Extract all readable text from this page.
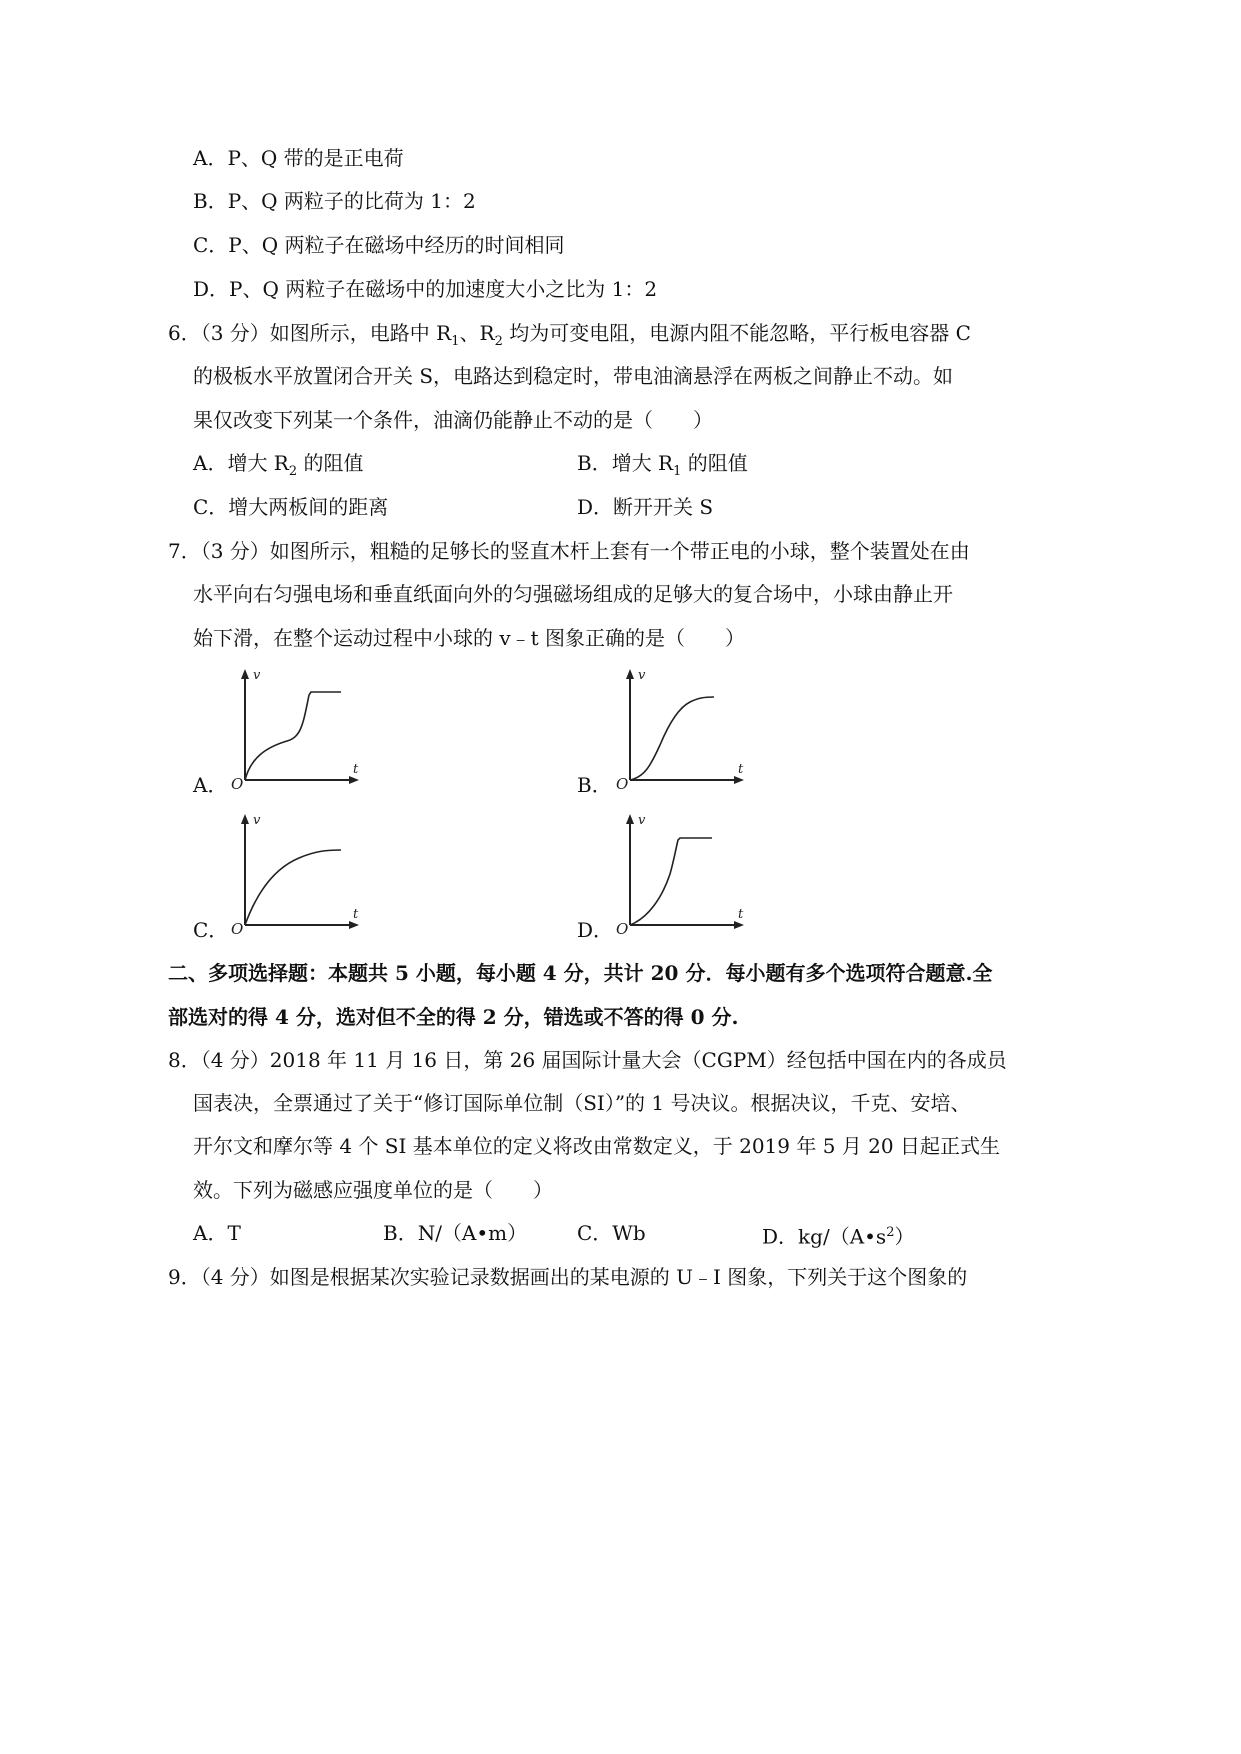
A．P、Q 带的是正电荷
B．P、Q 两粒子的比荷为 1：2
C．P、Q 两粒子在磁场中经历的时间相同
D．P、Q 两粒子在磁场中的加速度大小之比为 1：2
6．（3 分）如图所示，电路中 $R_1$、$R_2$ 均为可变电阻，电源内阻不能忽略，平行板电容器 C
的极板水平放置闭合开关 S，电路达到稳定时，带电油滴悬浮在两板之间静止不动。如
果仅改变下列某一个条件，油滴仍能静止不动的是（　　）
A．增大 $R_2$ 的阻值	B．增大 $R_1$ 的阻值
C．增大两板间的距离	D．断开开关 S
7．（3 分）如图所示，粗糙的足够长的竖直木杆上套有一个带正电的小球，整个装置处在由
水平向右匀强电场和垂直纸面向外的匀强磁场组成的足够大的复合场中，小球由静止开
始下滑，在整个运动过程中小球的 v﹣t 图象正确的是（　　）
A．	B．
C．	D．
v
t
O
v
t
O
v
t
O
v
t
O
二、多项选择题：本题共 5 小题，每小题 4 分，共计 20 分．每小题有多个选项符合题意.全
部选对的得 4 分，选对但不全的得 2 分，错选或不答的得 0 分.
8．（4 分）2018 年 11 月 16 日，第 26 届国际计量大会（CGPM）经包括中国在内的各成员
国表决，全票通过了关于“修订国际单位制（SI）”的 1 号决议。根据决议，千克、安培、
开尔文和摩尔等 4 个 SI 基本单位的定义将改由常数定义，于 2019 年 5 月 20 日起正式生
效。下列为磁感应强度单位的是（　　）
A．T	B．N/（A•m） C．Wb	D．$kg/(A•s^2)$
9．（4 分）如图是根据某次实验记录数据画出的某电源的 U﹣I 图象，下列关于这个图象的
